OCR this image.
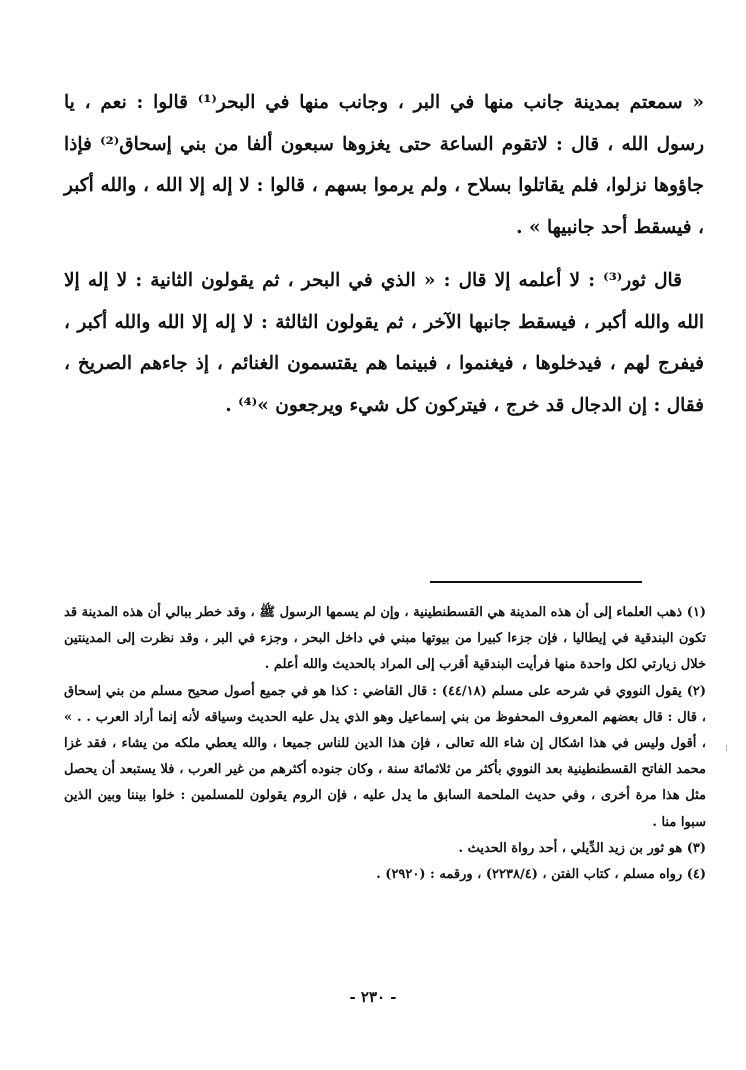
« سمعتم بمدينة جانب منها في البر ، وجانب منها في البحر⁽¹⁾ قالوا : نعم ، يا رسول الله ، قال : لاتقوم الساعة حتى يغزوها سبعون ألفا من بني إسحاق⁽²⁾ فإذا جاؤوها نزلوا، فلم يقاتلوا بسلاح ، ولم يرموا بسهم ، قالوا : لا إله إلا الله ، والله أكبر ، فيسقط أحد جانبيها » .

قال ثور⁽³⁾ : لا أعلمه إلا قال : « الذي في البحر ، ثم يقولون الثانية : لا إله إلا الله والله أكبر ، فيسقط جانبها الآخر ، ثم يقولون الثالثة : لا إله إلا الله والله أكبر ، فيفرج لهم ، فيدخلوها ، فيغنموا ، فبينما هم يقتسمون الغنائم ، إذ جاءهم الصريخ ، فقال : إن الدجال قد خرج ، فيتركون كل شيء ويرجعون »⁽⁴⁾ .

(١) ذهب العلماء إلى أن هذه المدينة هي القسطنطينية ، وإن لم يسمها الرسول ﷺ ، وقد خطر ببالي أن هذه المدينة قد تكون البندقية في إيطاليا ، فإن جزءا كبيرا من بيوتها مبني في داخل البحر ، وجزء في البر ، وقد نظرت إلى المدينتين خلال زيارتي لكل واحدة منها فرأيت البندقية أقرب إلى المراد بالحديث والله أعلم .

(٢) يقول النووي في شرحه على مسلم (٤٤/١٨) : قال القاضي : كذا هو في جميع أصول صحيح مسلم من بني إسحاق ، قال : قال بعضهم المعروف المحفوظ من بني إسماعيل وهو الذي يدل عليه الحديث وسياقه لأنه إنما أراد العرب . . » ، أقول وليس في هذا اشكال إن شاء الله تعالى ، فإن هذا الدين للناس جميعا ، والله يعطي ملكه من يشاء ، فقد غزا محمد الفاتح القسطنطينية بعد النووي بأكثر من ثلاثمائة سنة ، وكان جنوده أكثرهم من غير العرب ، فلا يستبعد أن يحصل مثل هذا مرة أخرى ، وفي حديث الملحمة السابق ما يدل عليه ، فإن الروم يقولون للمسلمين : خلوا بيننا وبين الذين سبوا منا .

(٣) هو ثور بن زيد الدِّيلي ، أحد رواة الحديث .

(٤) رواه مسلم ، كتاب الفتن ، (٢٢٣٨/٤) ، ورقمه : (٢٩٢٠) .

⁝
- ٢٣٠ -
